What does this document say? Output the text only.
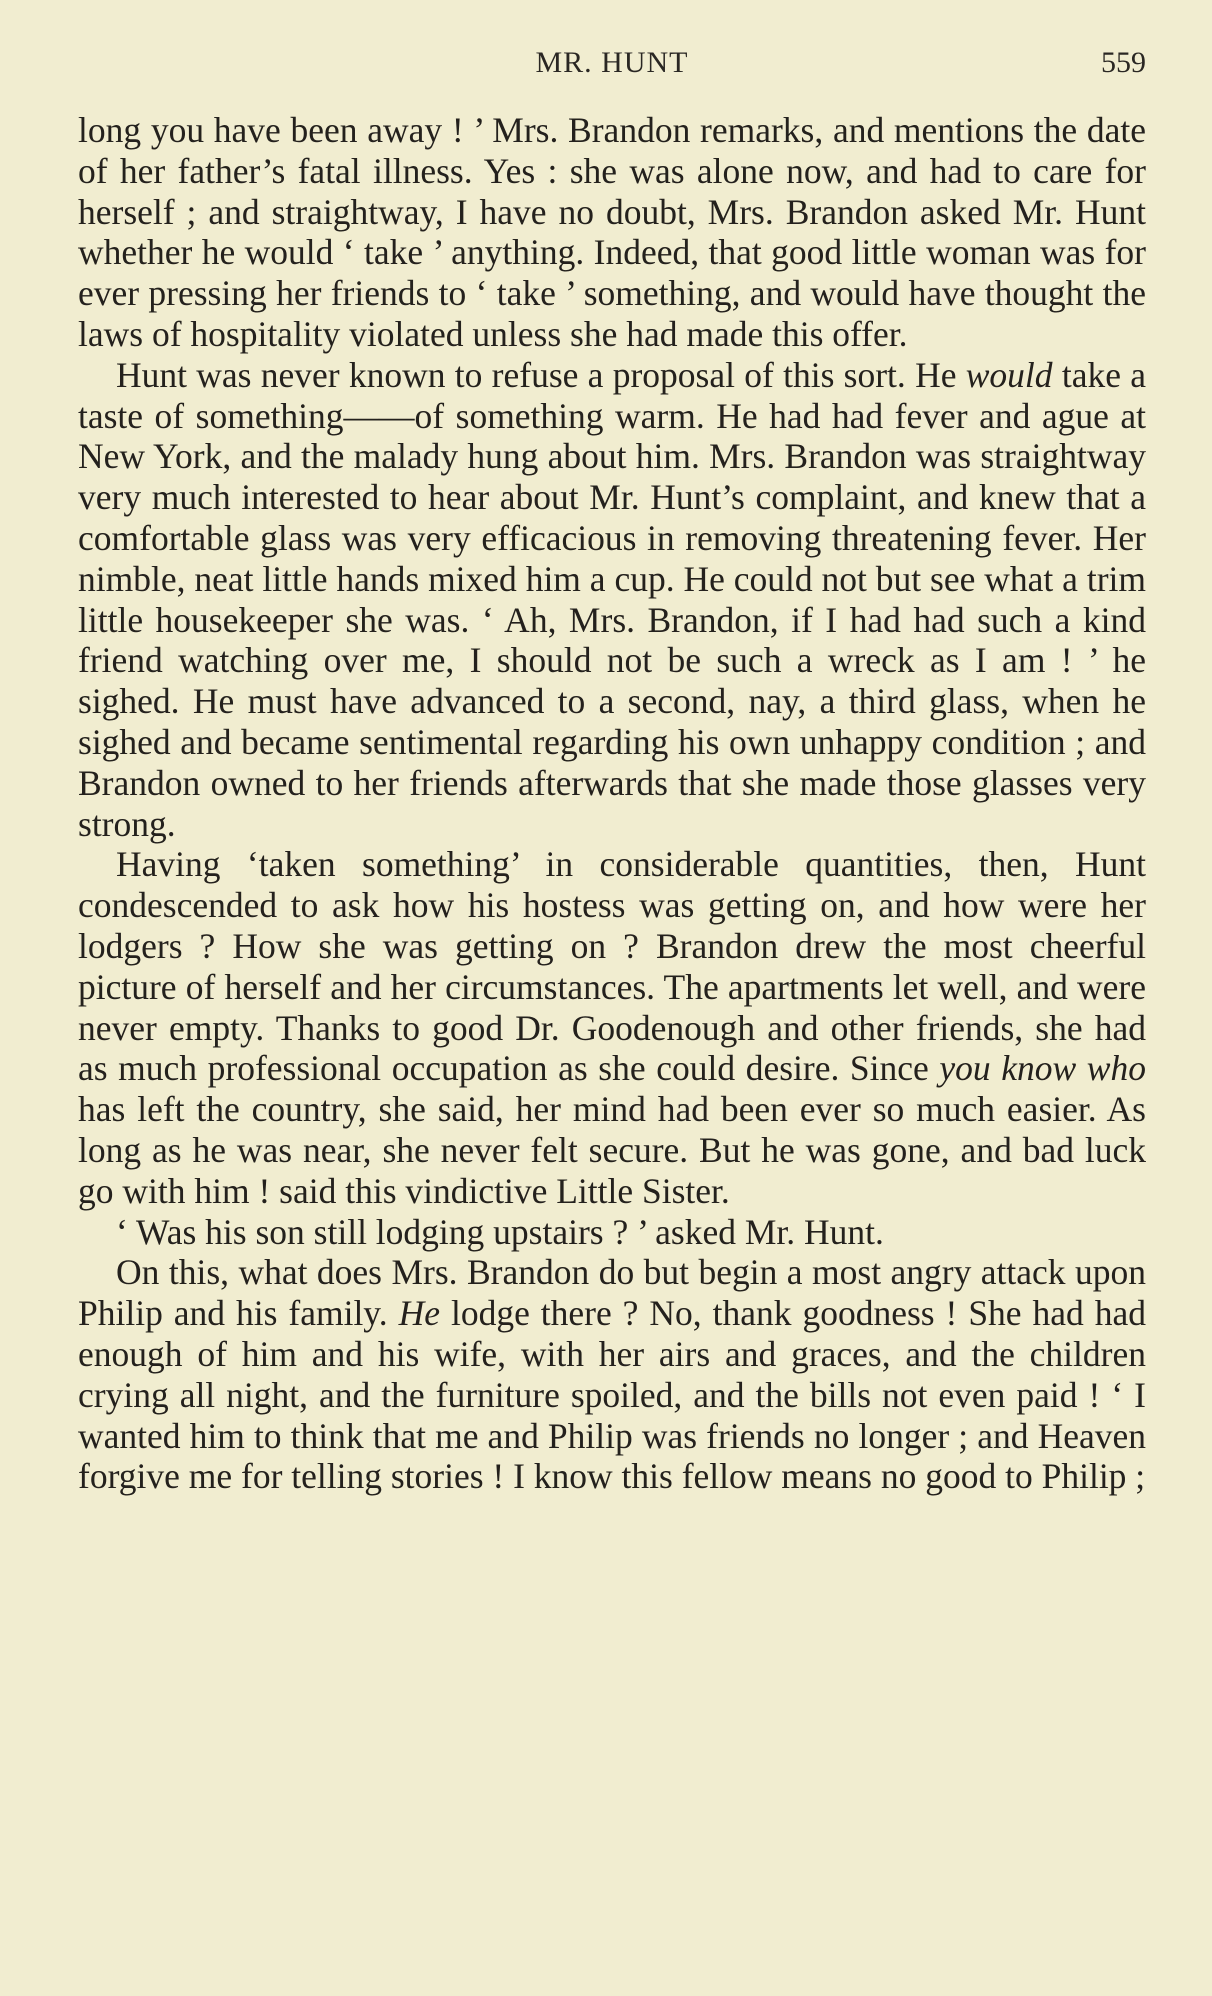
MR. HUNT	559

long you have been away ! ’ Mrs. Brandon remarks, and mentions the date of her father’s fatal illness. Yes : she was alone now, and had to care for herself ; and straightway, I have no doubt, Mrs. Brandon asked Mr. Hunt whether he would ‘ take ’ anything. Indeed, that good little woman was for ever pressing her friends to ‘ take ’ something, and would have thought the laws of hospitality violated unless she had made this offer.

Hunt was never known to refuse a proposal of this sort. He would take a taste of something——of something warm. He had had fever and ague at New York, and the malady hung about him. Mrs. Brandon was straightway very much interested to hear about Mr. Hunt’s complaint, and knew that a comfortable glass was very efficacious in removing threatening fever. Her nimble, neat little hands mixed him a cup. He could not but see what a trim little housekeeper she was. ‘ Ah, Mrs. Brandon, if I had had such a kind friend watching over me, I should not be such a wreck as I am ! ’ he sighed. He must have advanced to a second, nay, a third glass, when he sighed and became sentimental regarding his own unhappy condition ; and Brandon owned to her friends afterwards that she made those glasses very strong.

Having ‘taken something’ in considerable quantities, then, Hunt condescended to ask how his hostess was getting on, and how were her lodgers ? How she was getting on ? Brandon drew the most cheerful picture of herself and her circumstances. The apartments let well, and were never empty. Thanks to good Dr. Goodenough and other friends, she had as much professional occupation as she could desire. Since you know who has left the country, she said, her mind had been ever so much easier. As long as he was near, she never felt secure. But he was gone, and bad luck go with him ! said this vindictive Little Sister.

‘ Was his son still lodging upstairs ? ’ asked Mr. Hunt.

On this, what does Mrs. Brandon do but begin a most angry attack upon Philip and his family. He lodge there ? No, thank goodness ! She had had enough of him and his wife, with her airs and graces, and the children crying all night, and the furniture spoiled, and the bills not even paid ! ‘ I wanted him to think that me and Philip was friends no longer ; and Heaven forgive me for telling stories ! I know this fellow means no good to Philip ;
